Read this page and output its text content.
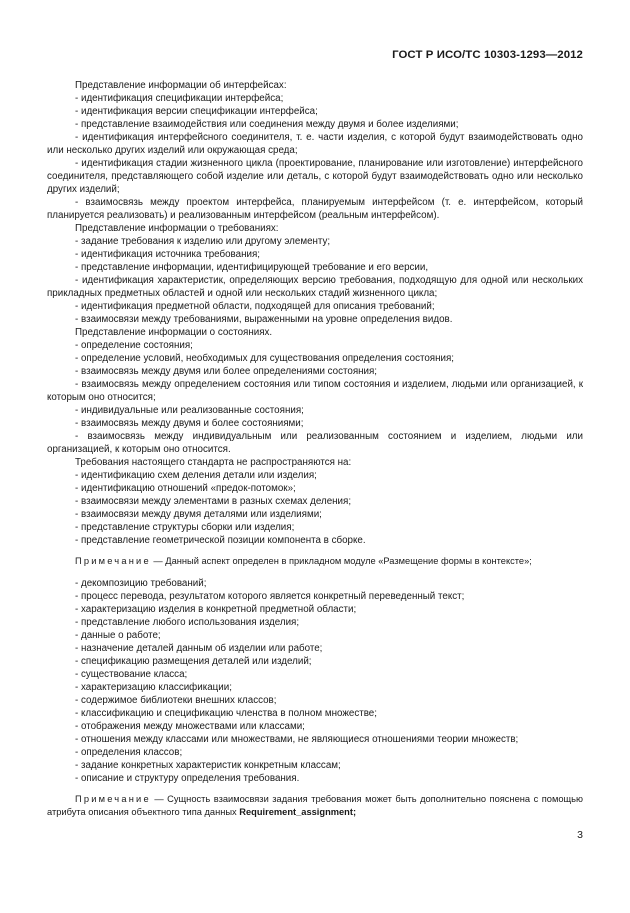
ГОСТ Р ИСО/ТС 10303-1293—2012

Представление информации об интерфейсах:

- идентификация спецификации интерфейса;

- идентификация версии спецификации интерфейса;

- представление взаимодействия или соединения между двумя и более изделиями;

- идентификация интерфейсного соединителя, т. е. части изделия, с которой будут взаимодействовать одно или несколько других изделий или окружающая среда;

- идентификация стадии жизненного цикла (проектирование, планирование или изготовление) интерфейсного соединителя, представляющего собой изделие или деталь, с которой будут взаимодействовать одно или несколько других изделий;

- взаимосвязь между проектом интерфейса, планируемым интерфейсом (т. е. интерфейсом, который планируется реализовать) и реализованным интерфейсом (реальным интерфейсом).

Представление информации о требованиях:

- задание требования к изделию или другому элементу;

- идентификация источника требования;

- представление информации, идентифицирующей требование и его версии,

- идентификация характеристик, определяющих версию требования, подходящую для одной или нескольких прикладных предметных областей и одной или нескольких стадий жизненного цикла;

- идентификация предметной области, подходящей для описания требований;

- взаимосвязи между требованиями, выраженными на уровне определения видов.

Представление информации о состояниях.

- определение состояния;

- определение условий, необходимых для существования определения состояния;

- взаимосвязь между двумя или более определениями состояния;

- взаимосвязь между определением состояния или типом состояния и изделием, людьми или организацией, к которым оно относится;

- индивидуальные или реализованные состояния;

- взаимосвязь между двумя и более состояниями;

- взаимосвязь между индивидуальным или реализованным состоянием и изделием, людьми или организацией, к которым оно относится.

Требования настоящего стандарта не распространяются на:

- идентификацию схем деления детали или изделия;

- идентификацию отношений «предок-потомок»;

- взаимосвязи между элементами в разных схемах деления;

- взаимосвязи между двумя деталями или изделиями;

- представление структуры сборки или изделия;

- представление геометрической позиции компонента в сборке.

Примечание — Данный аспект определен в прикладном модуле «Размещение формы в контексте»;

- декомпозицию требований;

- процесс перевода, результатом которого является конкретный переведенный текст;

- характеризацию изделия в конкретной предметной области;

- представление любого использования изделия;

- данные о работе;

- назначение деталей данным об изделии или работе;

- спецификацию размещения деталей или изделий;

- существование класса;

- характеризацию классификации;

- содержимое библиотеки внешних классов;

- классификацию и спецификацию членства в полном множестве;

- отображения между множествами или классами;

- отношения между классами или множествами, не являющиеся отношениями теории множеств;

- определения классов;

- задание конкретных характеристик конкретным классам;

- описание и структуру определения требования.

Примечание — Сущность взаимосвязи задания требования может быть дополнительно пояснена с помощью атрибута описания объектного типа данных Requirement_assignment;

3
